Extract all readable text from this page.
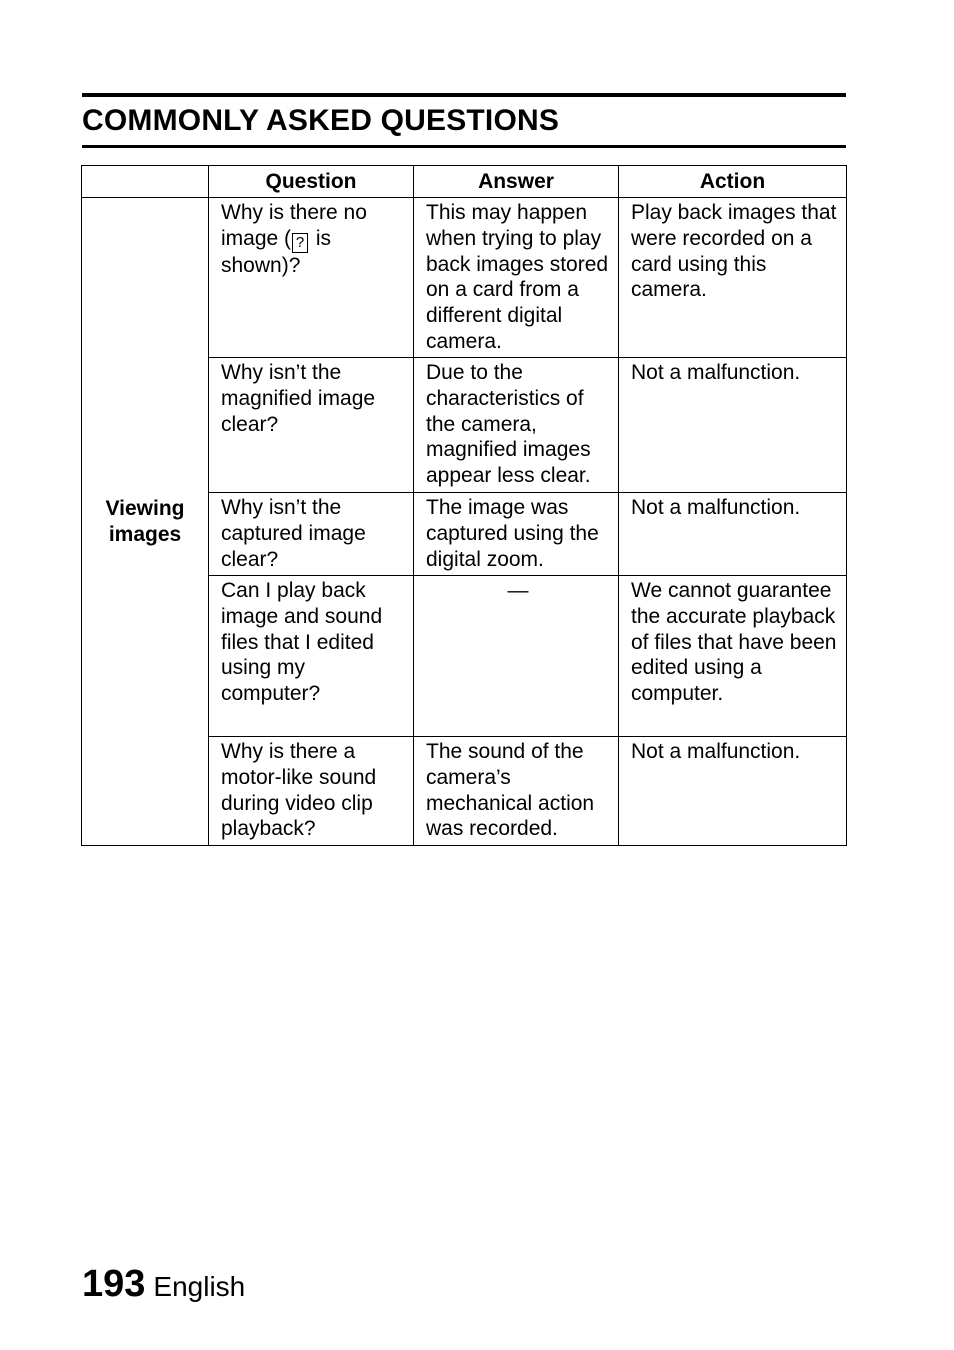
COMMONLY ASKED QUESTIONS
	Question	Answer	Action
Viewing images	Why is there no image ( ? is shown)?	This may happen when trying to play back images stored on a card from a different digital camera.	Play back images that were recorded on a card using this camera.
	Why isn’t the magnified image clear?	Due to the characteristics of the camera, magnified images appear less clear.	Not a malfunction.
	Why isn’t the captured image clear?	The image was captured using the digital zoom.	Not a malfunction.
	Can I play back image and sound files that I edited using my computer?	—	We cannot guarantee the accurate playback of files that have been edited using a computer.
	Why is there a motor-like sound during video clip playback?	The sound of the camera’s mechanical action was recorded.	Not a malfunction.
193 English
